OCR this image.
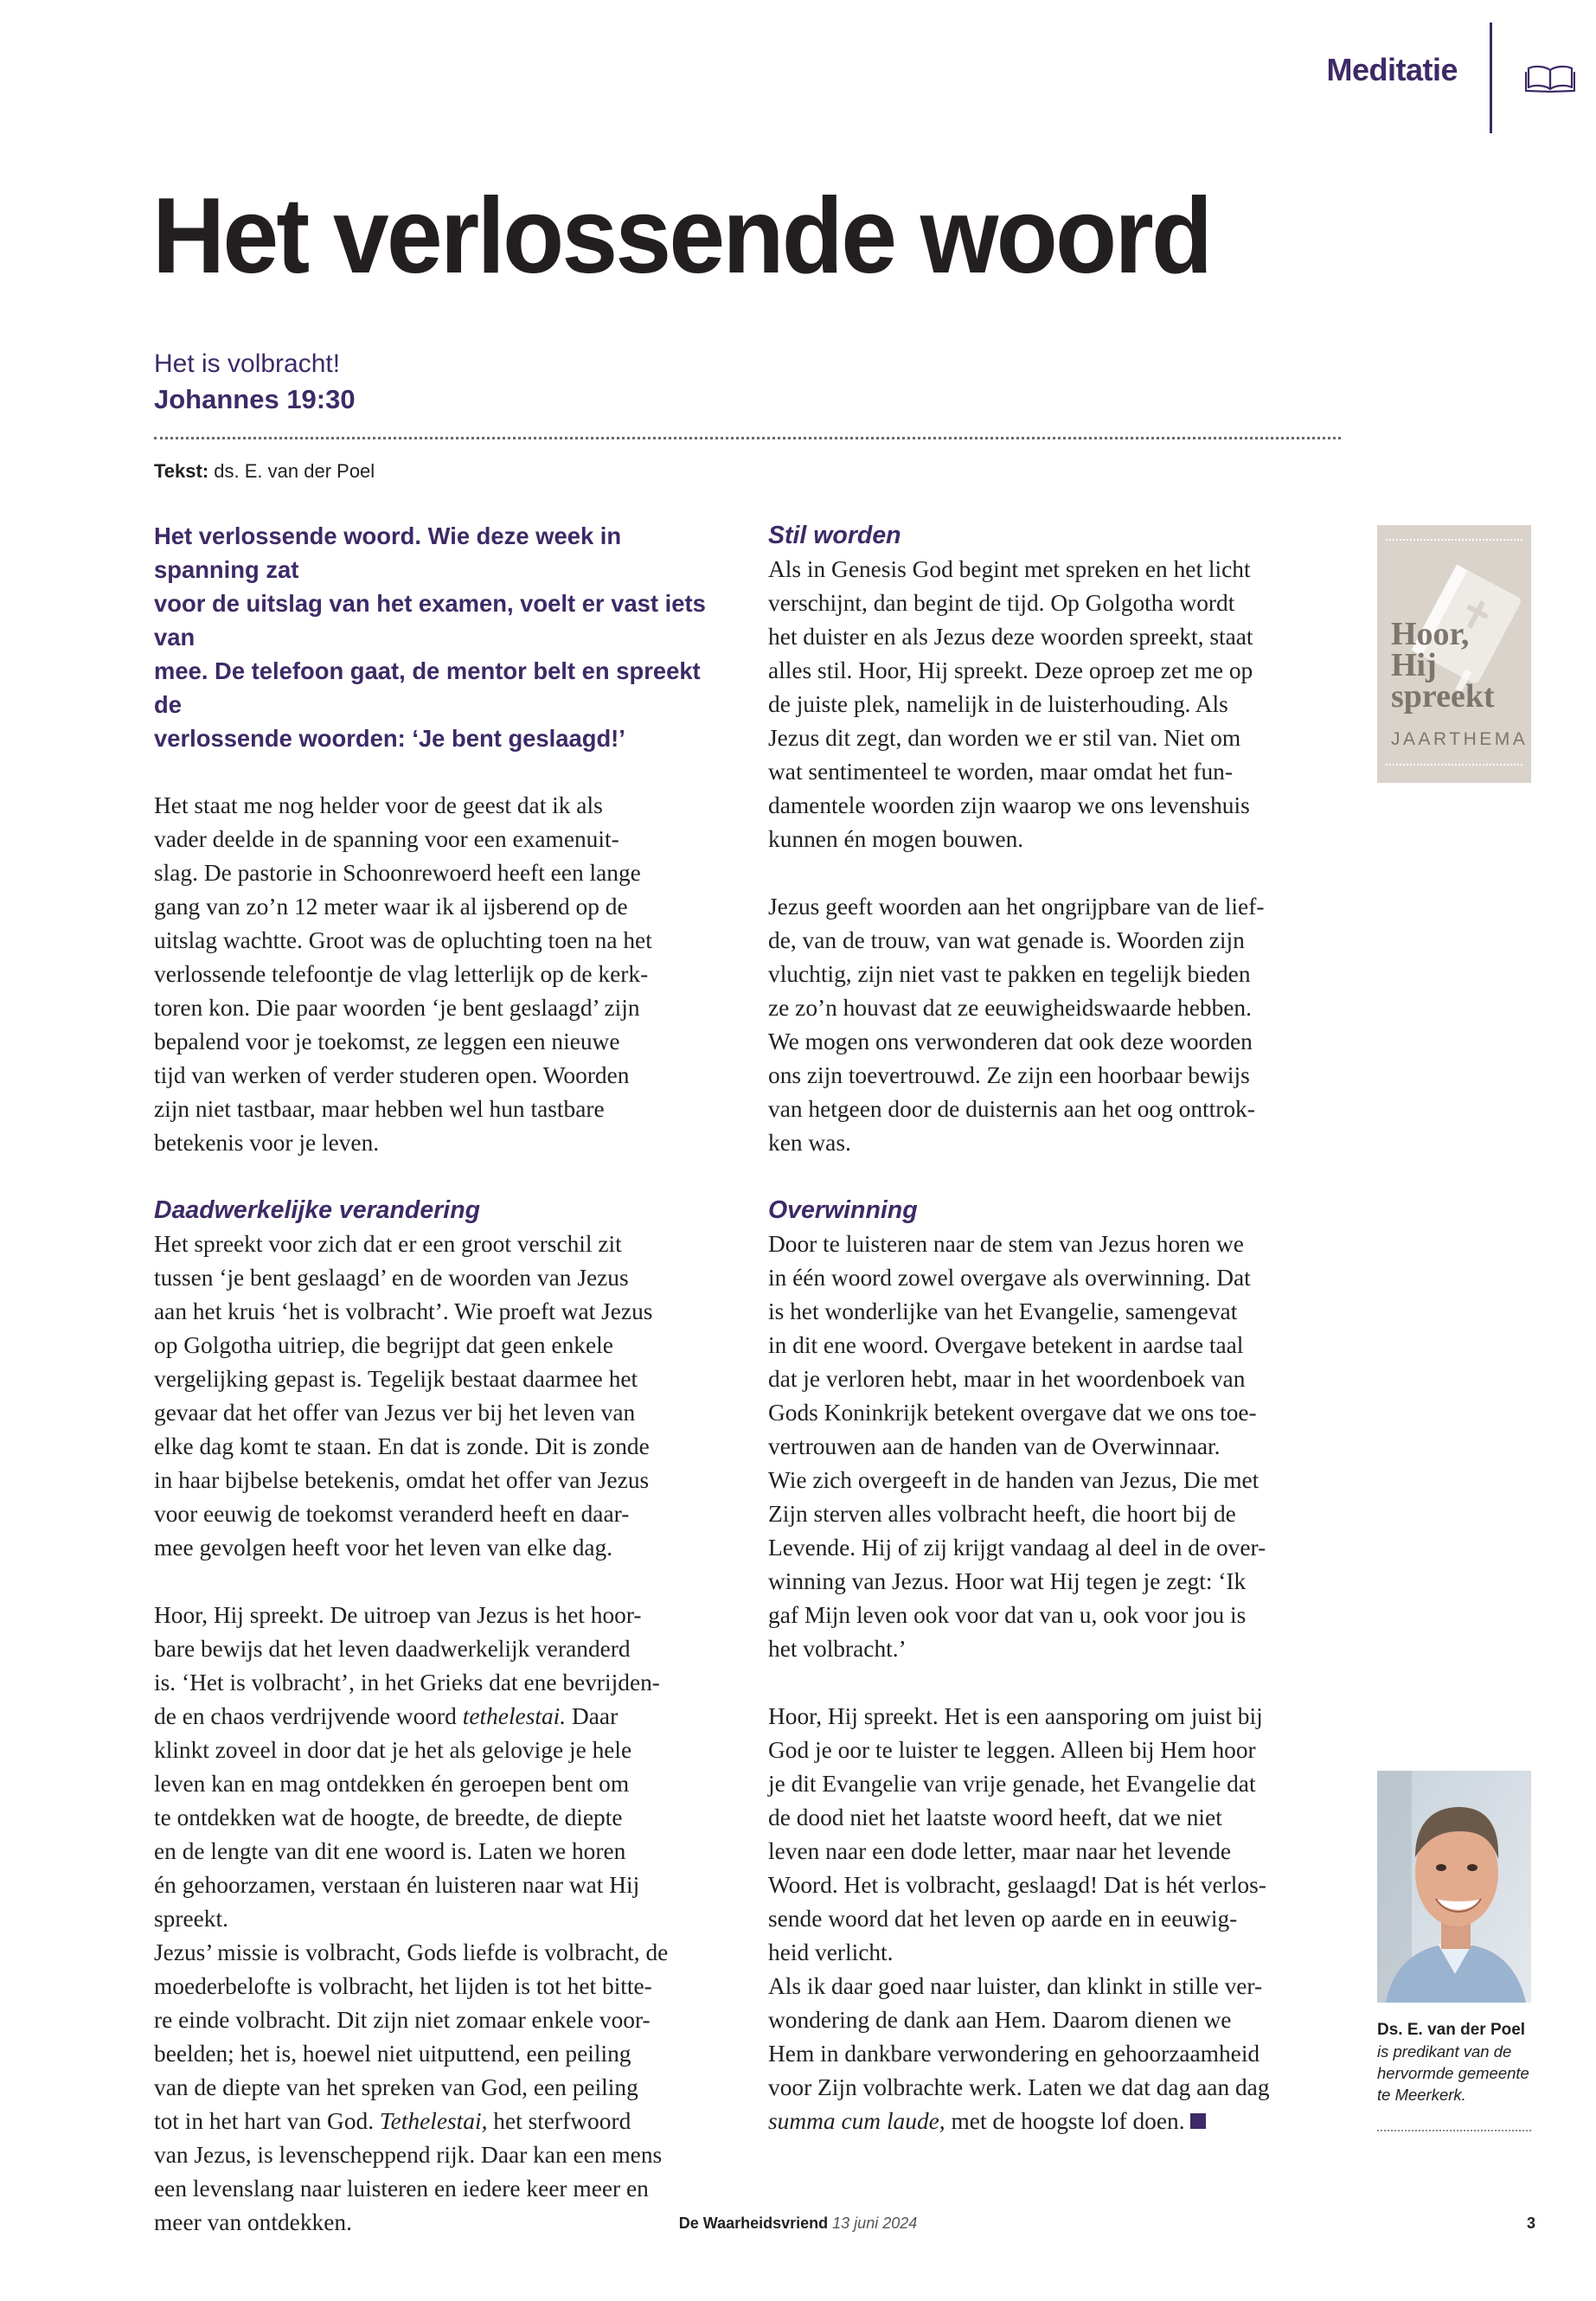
Meditatie
Het verlossende woord
Het is volbracht!
Johannes 19:30
Tekst: ds. E. van der Poel
Het verlossende woord. Wie deze week in spanning zat
voor de uitslag van het examen, voelt er vast iets van
mee. De telefoon gaat, de mentor belt en spreekt de
verlossende woorden: ‘Je bent geslaagd!’
Het staat me nog helder voor de geest dat ik als
vader deelde in de spanning voor een examenuit-
slag. De pastorie in Schoonrewoerd heeft een lange
gang van zo’n 12 meter waar ik al ijsberend op de
uitslag wachtte. Groot was de opluchting toen na het
verlossende telefoontje de vlag letterlijk op de kerk-
toren kon. Die paar woorden ‘je bent geslaagd’ zijn
bepalend voor je toekomst, ze leggen een nieuwe
tijd van werken of verder studeren open. Woorden
zijn niet tastbaar, maar hebben wel hun tastbare
betekenis voor je leven.
Daadwerkelijke verandering
Het spreekt voor zich dat er een groot verschil zit
tussen ‘je bent geslaagd’ en de woorden van Jezus
aan het kruis ‘het is volbracht’. Wie proeft wat Jezus
op Golgotha uitriep, die begrijpt dat geen enkele
vergelijking gepast is. Tegelijk bestaat daarmee het
gevaar dat het offer van Jezus ver bij het leven van
elke dag komt te staan. En dat is zonde. Dit is zonde
in haar bijbelse betekenis, omdat het offer van Jezus
voor eeuwig de toekomst veranderd heeft en daar-
mee gevolgen heeft voor het leven van elke dag.
Hoor, Hij spreekt. De uitroep van Jezus is het hoor-
bare bewijs dat het leven daadwerkelijk veranderd
is. ‘Het is volbracht’, in het Grieks dat ene bevrijden-
de en chaos verdrijvende woord tethelestai. Daar
klinkt zoveel in door dat je het als gelovige je hele
leven kan en mag ontdekken én geroepen bent om
te ontdekken wat de hoogte, de breedte, de diepte
en de lengte van dit ene woord is. Laten we horen
én gehoorzamen, verstaan én luisteren naar wat Hij
spreekt.
Jezus’ missie is volbracht, Gods liefde is volbracht, de
moederbelofte is volbracht, het lijden is tot het bitte-
re einde volbracht. Dit zijn niet zomaar enkele voor-
beelden; het is, hoewel niet uitputtend, een peiling
van de diepte van het spreken van God, een peiling
tot in het hart van God. Tethelestai, het sterfwoord
van Jezus, is levenscheppend rijk. Daar kan een mens
een levenslang naar luisteren en iedere keer meer en
meer van ontdekken.
Stil worden
Als in Genesis God begint met spreken en het licht
verschijnt, dan begint de tijd. Op Golgotha wordt
het duister en als Jezus deze woorden spreekt, staat
alles stil. Hoor, Hij spreekt. Deze oproep zet me op
de juiste plek, namelijk in de luisterhouding. Als
Jezus dit zegt, dan worden we er stil van. Niet om
wat sentimenteel te worden, maar omdat het fun-
damentele woorden zijn waarop we ons levenshuis
kunnen én mogen bouwen.
Jezus geeft woorden aan het ongrijpbare van de lief-
de, van de trouw, van wat genade is. Woorden zijn
vluchtig, zijn niet vast te pakken en tegelijk bieden
ze zo’n houvast dat ze eeuwigheidswaarde hebben.
We mogen ons verwonderen dat ook deze woorden
ons zijn toevertrouwd. Ze zijn een hoorbaar bewijs
van hetgeen door de duisternis aan het oog onttrok-
ken was.
Overwinning
Door te luisteren naar de stem van Jezus horen we
in één woord zowel overgave als overwinning. Dat
is het wonderlijke van het Evangelie, samengevat
in dit ene woord. Overgave betekent in aardse taal
dat je verloren hebt, maar in het woordenboek van
Gods Koninkrijk betekent overgave dat we ons toe-
vertrouwen aan de handen van de Overwinnaar.
Wie zich overgeeft in de handen van Jezus, Die met
Zijn sterven alles volbracht heeft, die hoort bij de
Levende. Hij of zij krijgt vandaag al deel in de over-
winning van Jezus. Hoor wat Hij tegen je zegt: ‘Ik
gaf Mijn leven ook voor dat van u, ook voor jou is
het volbracht.’
Hoor, Hij spreekt. Het is een aansporing om juist bij
God je oor te luister te leggen. Alleen bij Hem hoor
je dit Evangelie van vrije genade, het Evangelie dat
de dood niet het laatste woord heeft, dat we niet
leven naar een dode letter, maar naar het levende
Woord. Het is volbracht, geslaagd! Dat is hét verlos-
sende woord dat het leven op aarde en in eeuwig-
heid verlicht.
Als ik daar goed naar luister, dan klinkt in stille ver-
wondering de dank aan Hem. Daarom dienen we
Hem in dankbare verwondering en gehoorzaamheid
voor Zijn volbrachte werk. Laten we dat dag aan dag
summa cum laude, met de hoogste lof doen.
Hoor,
Hij
spreekt
JAARTHEMA
Ds. E. van der Poel
is predikant van de
hervormde gemeente
te Meerkerk.
De Waarheidsvriend 13 juni 2024	3
